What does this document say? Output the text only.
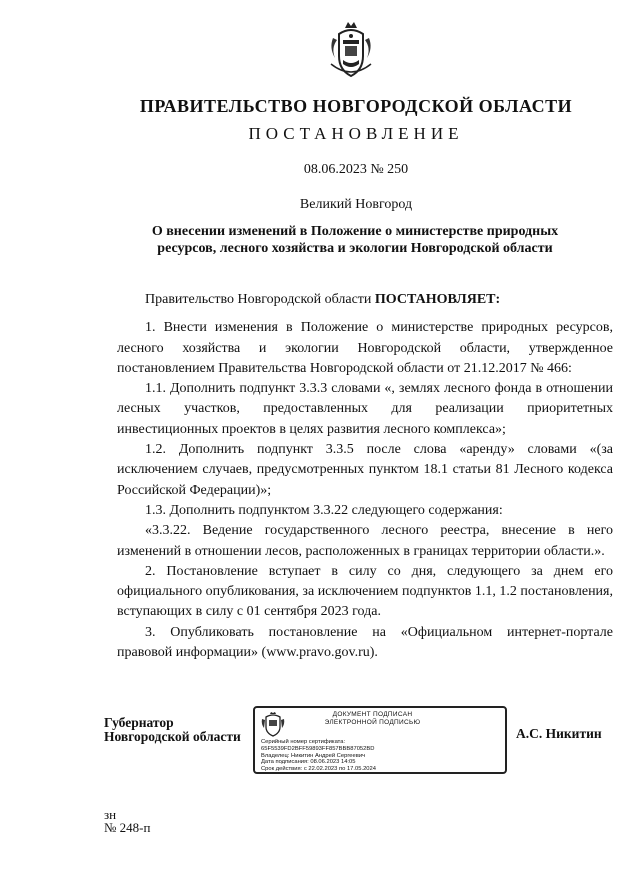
ПРАВИТЕЛЬСТВО НОВГОРОДСКОЙ ОБЛАСТИ
ПОСТАНОВЛЕНИЕ
08.06.2023 № 250
Великий Новгород
О внесении изменений в Положение о министерстве природных
ресурсов, лесного хозяйства и экологии Новгородской области

Правительство Новгородской области ПОСТАНОВЛЯЕТ:

1. Внести изменения в Положение о министерстве природных ресурсов, лесного хозяйства и экологии Новгородской области, утвержденное постановлением Правительства Новгородской области от 21.12.2017 № 466:

1.1. Дополнить подпункт 3.3.3 словами «, землях лесного фонда в отношении лесных участков, предоставленных для реализации приоритетных инвестиционных проектов в целях развития лесного комплекса»;

1.2. Дополнить подпункт 3.3.5 после слова «аренду» словами «(за исключением случаев, предусмотренных пунктом 18.1 статьи 81 Лесного кодекса Российской Федерации)»;

1.3. Дополнить подпунктом 3.3.22 следующего содержания:

«3.3.22. Ведение государственного лесного реестра, внесение в него изменений в отношении лесов, расположенных в границах территории области.».

2. Постановление вступает в силу со дня, следующего за днем его официального опубликования, за исключением подпунктов 1.1, 1.2 постановления, вступающих в силу с 01 сентября 2023 года.

3. Опубликовать постановление на «Официальном интернет-портале правовой информации» (www.pravo.gov.ru).

Губернатор
Новгородской области
ДОКУМЕНТ ПОДПИСАН
ЭЛЕКТРОННОЙ ПОДПИСЬЮ
Серийный номер сертификата:
65F5539FD2BFF59893FF857BBB87052BD
Владелец: Никитин Андрей Сергеевич
Дата подписания: 08.06.2023 14:05
Срок действия: с 22.02.2023 по 17.05.2024
А.С. Никитин
зн
№ 248-п
